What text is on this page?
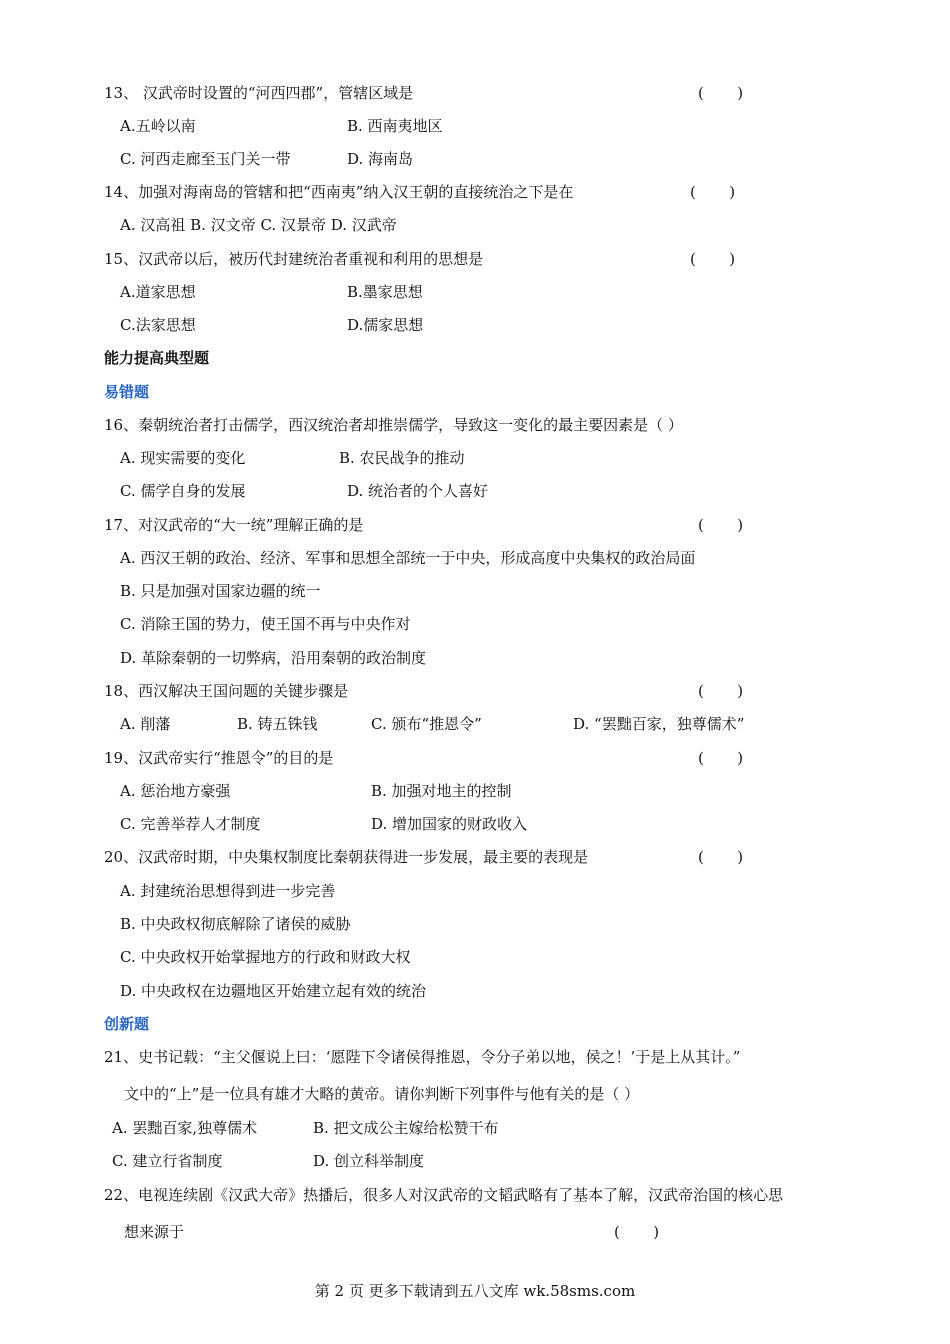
13、 汉武帝时设置的“河西四郡”，管辖区域是	(       )
A.五岭以南	B. 西南夷地区
C. 河西走廊至玉门关一带	D. 海南岛
14、加强对海南岛的管辖和把“西南夷”纳入汉王朝的直接统治之下是在	(       )
A. 汉高祖 B. 汉文帝 C. 汉景帝 D. 汉武帝
15、汉武帝以后，被历代封建统治者重视和利用的思想是	(       )
A.道家思想	B.墨家思想
C.法家思想	D.儒家思想
能力提高典型题
易错题
16、秦朝统治者打击儒学，西汉统治者却推崇儒学，导致这一变化的最主要因素是（ ）
A. 现实需要的变化	B. 农民战争的推动
C. 儒学自身的发展	D. 统治者的个人喜好
17、对汉武帝的“大一统”理解正确的是	(       )
A. 西汉王朝的政治、经济、军事和思想全部统一于中央，形成高度中央集权的政治局面
B. 只是加强对国家边疆的统一
C. 消除王国的势力，使王国不再与中央作对
D. 革除秦朝的一切弊病，沿用秦朝的政治制度
18、西汉解决王国问题的关键步骤是	(       )
A. 削藩	B. 铸五铢钱	C. 颁布“推恩令”	D. “罢黜百家，独尊儒术”
19、汉武帝实行“推恩令”的目的是	(       )
A. 惩治地方豪强	B. 加强对地主的控制
C. 完善举荐人才制度	D. 增加国家的财政收入
20、汉武帝时期，中央集权制度比秦朝获得进一步发展，最主要的表现是	(       )
A. 封建统治思想得到进一步完善
B. 中央政权彻底解除了诸侯的威胁
C. 中央政权开始掌握地方的行政和财政大权
D. 中央政权在边疆地区开始建立起有效的统治
创新题
21、史书记载：“主父偃说上曰：‘愿陛下令诸侯得推恩，令分子弟以地，侯之！’于是上从其计。”
文中的“上”是一位具有雄才大略的黄帝。请你判断下列事件与他有关的是（ ）
A. 罢黜百家,独尊儒术	B. 把文成公主嫁给松赞干布
C. 建立行省制度	D. 创立科举制度
22、电视连续剧《汉武大帝》热播后，很多人对汉武帝的文韬武略有了基本了解，汉武帝治国的核心思
想来源于	(       )
第 2 页 更多下载请到五八文库 wk.58sms.com
